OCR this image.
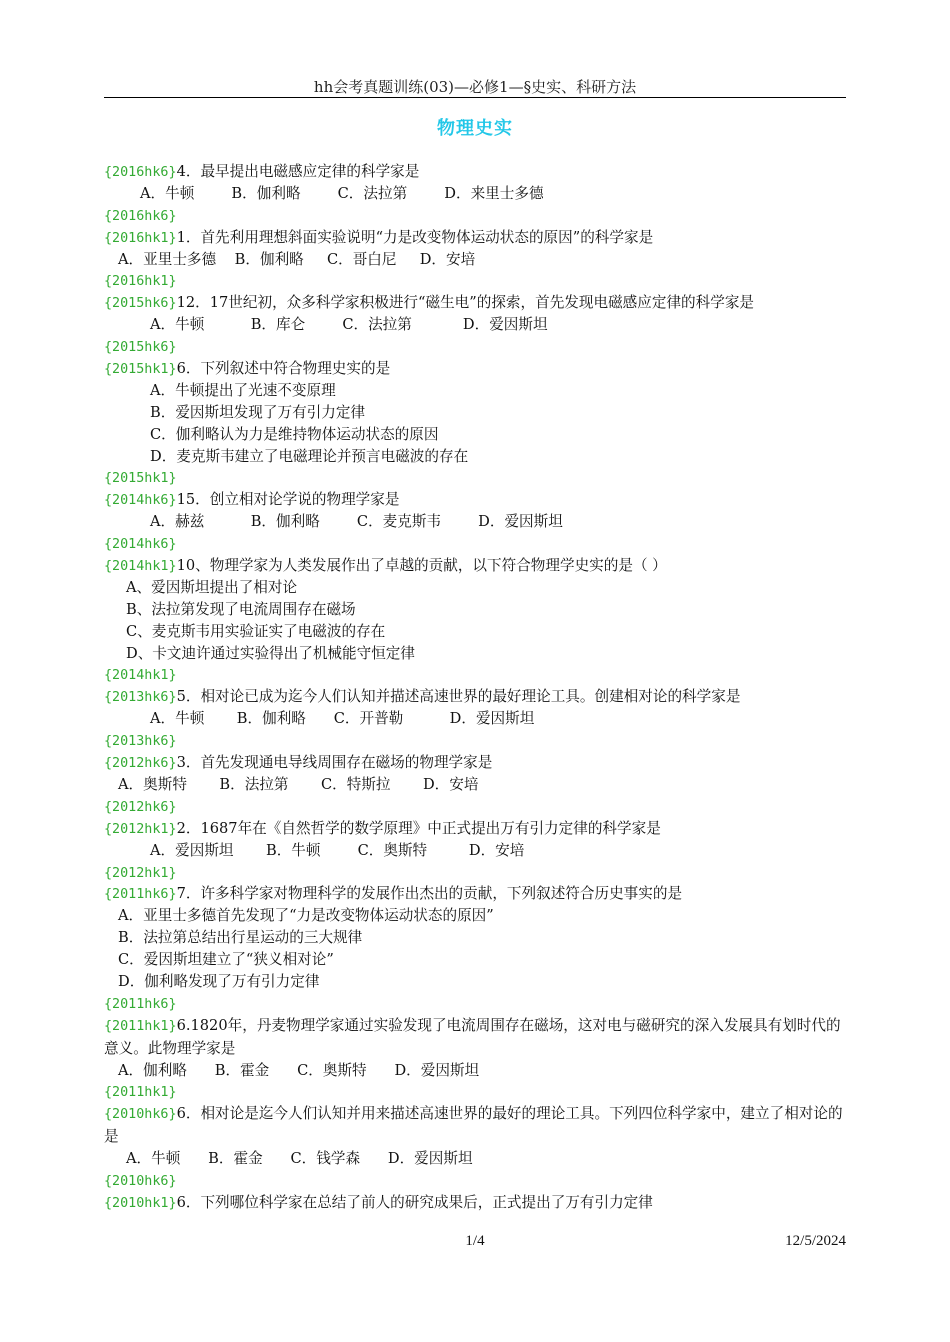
hh会考真题训练(03)—必修1—§史实、科研方法
物理史实
{2016hk6}4．最早提出电磁感应定律的科学家是
A．牛顿        B．伽利略        C．法拉第        D．来里士多德
{2016hk6}
{2016hk1}1．首先利用理想斜面实验说明“力是改变物体运动状态的原因”的科学家是
A．亚里士多德    B．伽利略     C．哥白尼     D．安培
{2016hk1}
{2015hk6}12．17世纪初，众多科学家积极进行“磁生电”的探索，首先发现电磁感应定律的科学家是
A．牛顿          B．库仑        C．法拉第           D．爱因斯坦
{2015hk6}
{2015hk1}6．下列叙述中符合物理史实的是
A．牛顿提出了光速不变原理
B．爱因斯坦发现了万有引力定律
C．伽利略认为力是维持物体运动状态的原因
D．麦克斯韦建立了电磁理论并预言电磁波的存在
{2015hk1}
{2014hk6}15．创立相对论学说的物理学家是
A．赫兹          B．伽利略        C．麦克斯韦        D．爱因斯坦
{2014hk6}
{2014hk1}10、物理学家为人类发展作出了卓越的贡献，以下符合物理学史实的是（ ）
A、爱因斯坦提出了相对论
B、法拉第发现了电流周围存在磁场
C、麦克斯韦用实验证实了电磁波的存在
D、卡文迪许通过实验得出了机械能守恒定律
{2014hk1}
{2013hk6}5．相对论已成为迄今人们认知并描述高速世界的最好理论工具。创建相对论的科学家是
A．牛顿       B．伽利略      C．开普勒          D．爱因斯坦
{2013hk6}
{2012hk6}3．首先发现通电导线周围存在磁场的物理学家是
A．奥斯特       B．法拉第       C．特斯拉       D．安培
{2012hk6}
{2012hk1}2．1687年在《自然哲学的数学原理》中正式提出万有引力定律的科学家是
A．爱因斯坦       B．牛顿        C．奥斯特         D．安培
{2012hk1}
{2011hk6}7．许多科学家对物理科学的发展作出杰出的贡献，下列叙述符合历史事实的是
A．亚里士多德首先发现了“力是改变物体运动状态的原因”
B．法拉第总结出行星运动的三大规律
C．爱因斯坦建立了“狭义相对论”
D．伽利略发现了万有引力定律
{2011hk6}
{2011hk1}6.1820年，丹麦物理学家通过实验发现了电流周围存在磁场，这对电与磁研究的深入发展具有划时代的意义。此物理学家是
A．伽利略      B．霍金      C．奥斯特      D．爱因斯坦
{2011hk1}
{2010hk6}6．相对论是迄今人们认知并用来描述高速世界的最好的理论工具。下列四位科学家中，建立了相对论的是
A．牛顿      B．霍金      C．钱学森      D．爱因斯坦
{2010hk6}
{2010hk1}6．下列哪位科学家在总结了前人的研究成果后，正式提出了万有引力定律
1/4	12/5/2024
